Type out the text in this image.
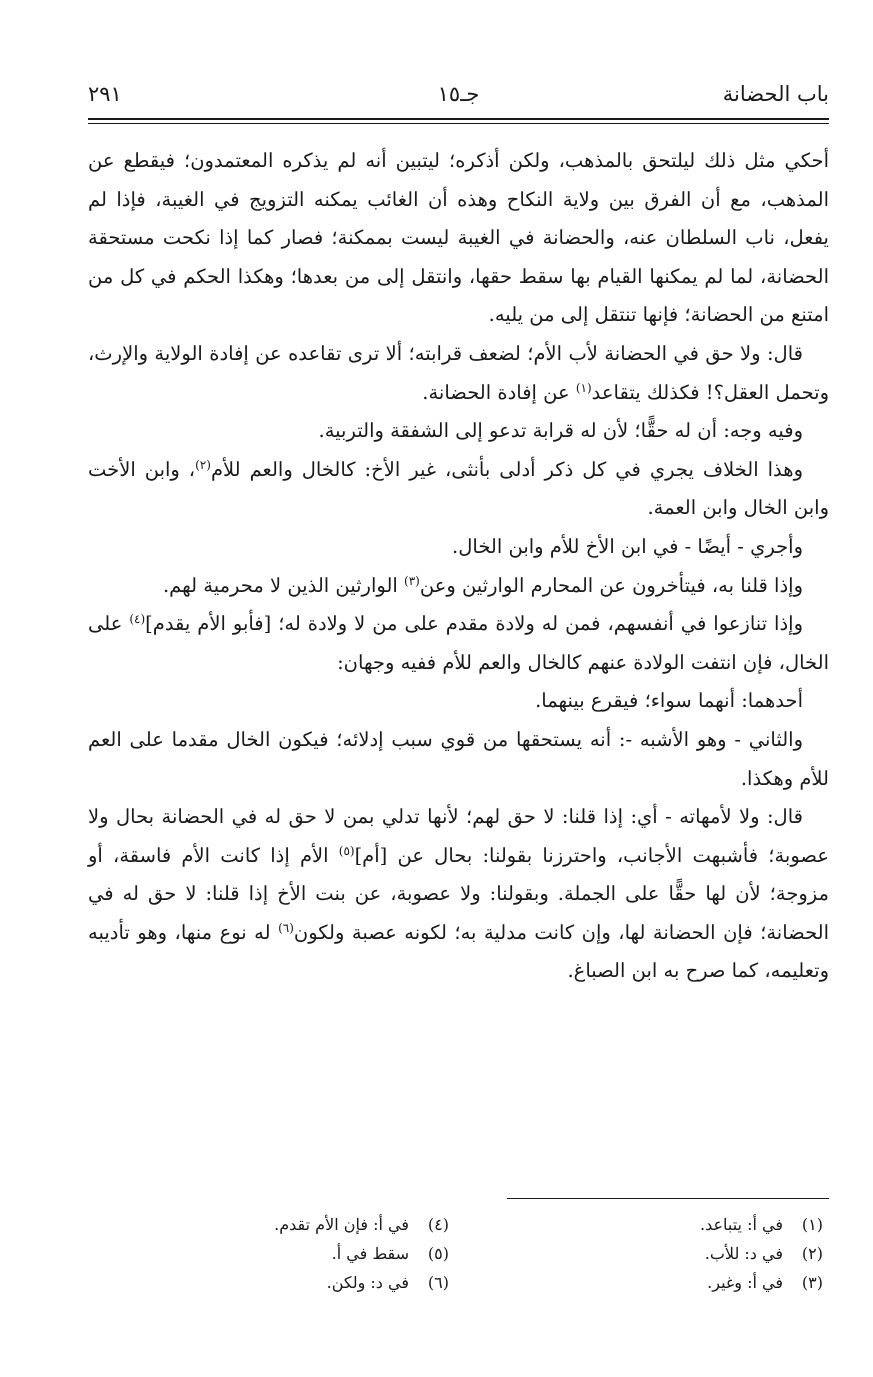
باب الحضانة
جـ١٥
٢٩١

أحكي مثل ذلك ليلتحق بالمذهب، ولكن أذكره؛ ليتبين أنه لم يذكره المعتمدون؛ فيقطع عن المذهب، مع أن الفرق بين ولاية النكاح وهذه أن الغائب يمكنه التزويج في الغيبة، فإذا لم يفعل، ناب السلطان عنه، والحضانة في الغيبة ليست بممكنة؛ فصار كما إذا نكحت مستحقة الحضانة، لما لم يمكنها القيام بها سقط حقها، وانتقل إلى من بعدها؛ وهكذا الحكم في كل من امتنع من الحضانة؛ فإنها تنتقل إلى من يليه.

قال: ولا حق في الحضانة لأب الأم؛ لضعف قرابته؛ ألا ترى تقاعده عن إفادة الولاية والإرث، وتحمل العقل؟! فكذلك يتقاعد$^{(١)}$ عن إفادة الحضانة.

وفيه وجه: أن له حقًّا؛ لأن له قرابة تدعو إلى الشفقة والتربية.

وهذا الخلاف يجري في كل ذكر أدلى بأنثى، غير الأخ: كالخال والعم للأم$^{(٢)}$، وابن الأخت وابن الخال وابن العمة.

وأجري - أيضًا - في ابن الأخ للأم وابن الخال.

وإذا قلنا به، فيتأخرون عن المحارم الوارثين وعن$^{(٣)}$ الوارثين الذين لا محرمية لهم.

وإذا تنازعوا في أنفسهم، فمن له ولادة مقدم على من لا ولادة له؛ [فأبو الأم يقدم]$^{(٤)}$ على الخال، فإن انتفت الولادة عنهم كالخال والعم للأم ففيه وجهان:

أحدهما: أنهما سواء؛ فيقرع بينهما.

والثاني - وهو الأشبه -: أنه يستحقها من قوي سبب إدلائه؛ فيكون الخال مقدما على العم للأم وهكذا.

قال: ولا لأمهاته - أي: إذا قلنا: لا حق لهم؛ لأنها تدلي بمن لا حق له في الحضانة بحال ولا عصوبة؛ فأشبهت الأجانب، واحترزنا بقولنا: بحال عن [أم]$^{(٥)}$ الأم إذا كانت الأم فاسقة، أو مزوجة؛ لأن لها حقًّا على الجملة. وبقولنا: ولا عصوبة، عن بنت الأخ إذا قلنا: لا حق له في الحضانة؛ فإن الحضانة لها، وإن كانت مدلية به؛ لكونه عصبة ولكون$^{(٦)}$ له نوع منها، وهو تأديبه وتعليمه، كما صرح به ابن الصباغ.

(١)في أ: يتباعد.
(٢)في د: للأب.
(٣)في أ: وغير.
(٤)في أ: فإن الأم تقدم.
(٥)سقط في أ.
(٦)في د: ولكن.
